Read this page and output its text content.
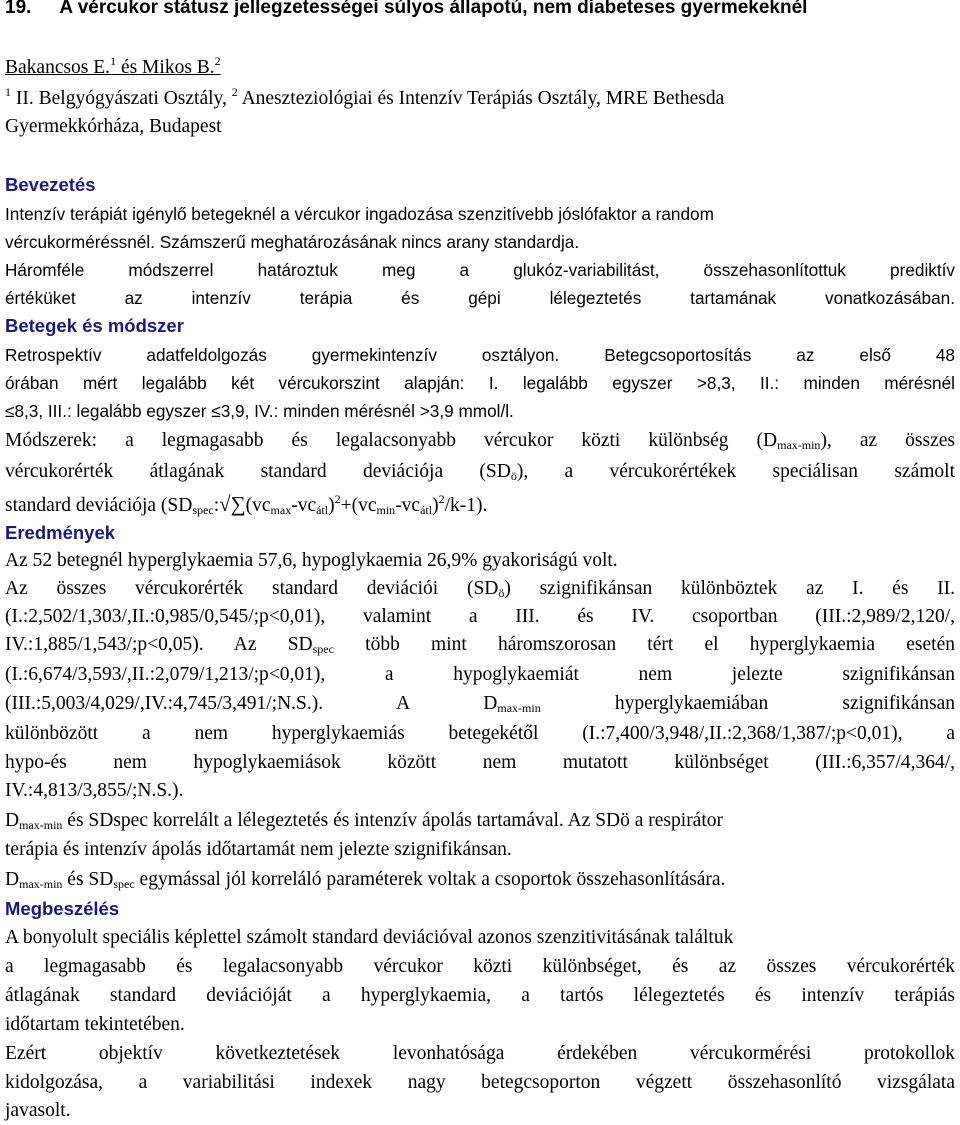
19. A vércukor státusz jellegzetességei súlyos állapotú, nem diabeteses gyermekeknél

Bakancsos E.$^1$ és Mikos B.$^2$

$^1$ II. Belgyógyászati Osztály, $^2$ Aneszteziológiai és Intenzív Terápiás Osztály, MRE Bethesda

Gyermekkórháza, Budapest

Bevezetés

Intenzív terápiát igénylő betegeknél a vércukor ingadozása szenzitívebb jóslófaktor a random

vércukorméréssnél. Számszerű meghatározásának nincs arany standardja.

Háromféle módszerrel határoztuk meg a glukóz-variabilitást, összehasonlítottuk prediktív

értéküket az intenzív terápia és gépi lélegeztetés tartamának vonatkozásában.

Betegek és módszer

Retrospektív adatfeldolgozás gyermekintenzív osztályon. Betegcsoportosítás az első 48

órában mért legalább két vércukorszint alapján: I. legalább egyszer >8,3, II.: minden mérésnél

≤8,3, III.: legalább egyszer ≤3,9, IV.: minden mérésnél >3,9 mmol/l.

Módszerek: a legmagasabb és legalacsonyabb vércukor közti különbség $(D_{max-min})$, az összes

vércukorérték átlagának standard deviációja $(SD_ö)$, a vércukorértékek speciálisan számolt

standard deviációja $(SD_{spec}:√\sum(vc_{max}-vc_{átl})^2+(vc_{min}-vc_{átl})^2/k-1)$.

Eredmények

Az 52 betegnél hyperglykaemia 57,6, hypoglykaemia 26,9% gyakoriságú volt.

Az összes vércukorérték standard deviációi $(SD_ö)$ szignifikánsan különböztek az I. és II.

(I.:2,502/1,303/,II.:0,985/0,545/;p<0,01), valamint a III. és IV. csoportban (III.:2,989/2,120/,

IV.:1,885/1,543/;p<0,05). Az $SD_{spec}$ több mint háromszorosan tért el hyperglykaemia esetén

(I.:6,674/3,593/,II.:2,079/1,213/;p<0,01), a hypoglykaemiát nem jelezte szignifikánsan

(III.:5,003/4,029/,IV.:4,745/3,491/;N.S.). A $D_{max-min}$ hyperglykaemiában szignifikánsan

különbözött a nem hyperglykaemiás betegekétől (I.:7,400/3,948/,II.:2,368/1,387/;p<0,01), a

hypo-és nem hypoglykaemiások között nem mutatott különbséget (III.:6,357/4,364/,

IV.:4,813/3,855/;N.S.).

$D_{max-min}$ és SDspec korrelált a lélegeztetés és intenzív ápolás tartamával. Az SDö a respirátor

terápia és intenzív ápolás időtartamát nem jelezte szignifikánsan.

$D_{max-min}$ és $SD_{spec}$ egymással jól korreláló paraméterek voltak a csoportok összehasonlítására.

Megbeszélés

A bonyolult speciális képlettel számolt standard deviációval azonos szenzitivitásának találtuk

a legmagasabb és legalacsonyabb vércukor közti különbséget, és az összes vércukorérték

átlagának standard deviációját a hyperglykaemia, a tartós lélegeztetés és intenzív terápiás

időtartam tekintetében.

Ezért objektív következtetések levonhatósága érdekében vércukormérési protokollok

kidolgozása, a variabilitási indexek nagy betegcsoporton végzett összehasonlító vizsgálata

javasolt.
